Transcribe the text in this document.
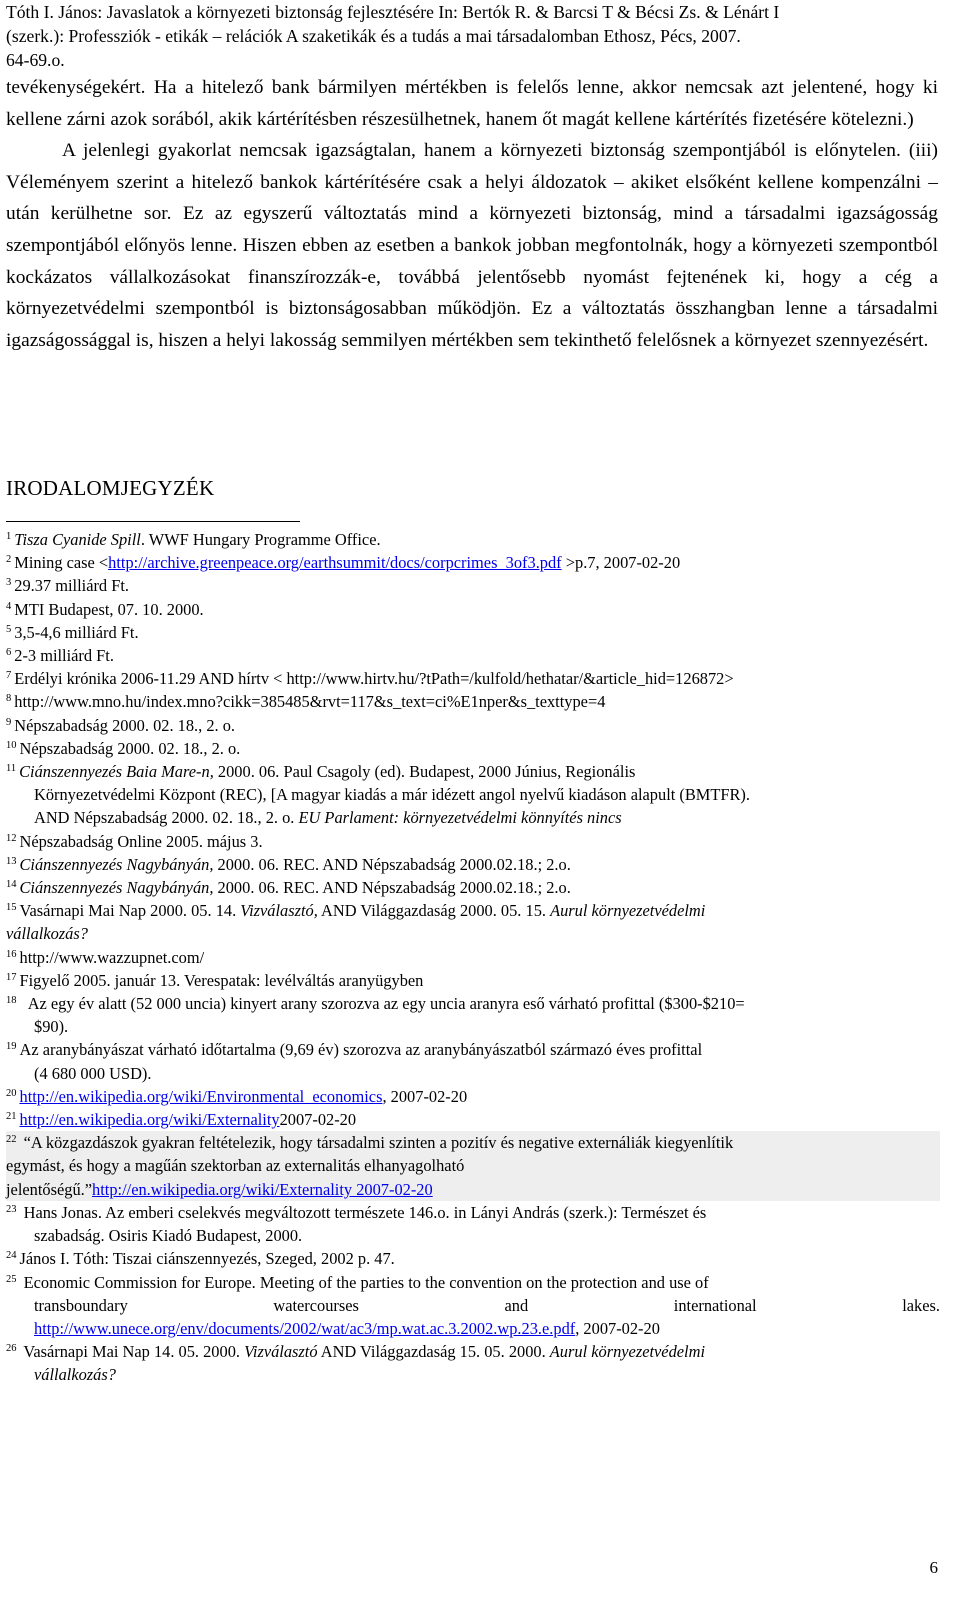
Tóth I. János: Javaslatok a környezeti biztonság fejlesztésére In: Bertók R. & Barcsi T & Bécsi Zs. & Lénárt I
(szerk.): Professziók - etikák – relációk A szaketikák és a tudás a mai társadalomban Ethosz, Pécs, 2007.
64-69.o.

tevékenységekért. Ha a hitelező bank bármilyen mértékben is felelős lenne, akkor nemcsak azt jelentené, hogy ki kellene zárni azok sorából, akik kártérítésben részesülhetnek, hanem őt magát kellene kártérítés fizetésére kötelezni.)

A jelenlegi gyakorlat nemcsak igazságtalan, hanem a környezeti biztonság szempontjából is előnytelen. (iii) Véleményem szerint a hitelező bankok kártérítésére csak a helyi áldozatok – akiket elsőként kellene kompenzálni – után kerülhetne sor. Ez az egyszerű változtatás mind a környezeti biztonság, mind a társadalmi igazságosság szempontjából előnyös lenne. Hiszen ebben az esetben a bankok jobban megfontolnák, hogy a környezeti szempontból kockázatos vállalkozásokat finanszírozzák-e, továbbá jelentősebb nyomást fejtenének ki, hogy a cég a környezetvédelmi szempontból is biztonságosabban működjön. Ez a változtatás összhangban lenne a társadalmi igazságossággal is, hiszen a helyi lakosság semmilyen mértékben sem tekinthető felelősnek a környezet szennyezésért.

IRODALOMJEGYZÉK
$^1$ Tisza Cyanide Spill. WWF Hungary Programme Office.
$^2$ Mining case <http://archive.greenpeace.org/earthsummit/docs/corpcrimes_3of3.pdf >p.7, 2007-02-20
$^3$ 29.37 milliárd Ft.
$^4$ MTI Budapest, 07. 10. 2000.
$^5$ 3,5-4,6 milliárd Ft.
$^6$ 2-3 milliárd Ft.
$^7$ Erdélyi krónika 2006-11.29 AND hírtv < http://www.hirtv.hu/?tPath=/kulfold/hethatar/&article_hid=126872>
$^8$ http://www.mno.hu/index.mno?cikk=385485&rvt=117&s_text=ci%E1nper&s_texttype=4
$^9$ Népszabadság 2000. 02. 18., 2. o.
$^{10}$ Népszabadság 2000. 02. 18., 2. o.
$^{11}$ Ciánszennyezés Baia Mare-n, 2000. 06. Paul Csagoly (ed). Budapest, 2000 Június, Regionális
Környezetvédelmi Központ (REC), [A magyar kiadás a már idézett angol nyelvű kiadáson alapult (BMTFR).
AND Népszabadság 2000. 02. 18., 2. o. EU Parlament: környezetvédelmi könnyítés nincs
$^{12}$ Népszabadság Online 2005. május 3.
$^{13}$ Ciánszennyezés Nagybányán, 2000. 06. REC. AND Népszabadság 2000.02.18.; 2.o.
$^{14}$ Ciánszennyezés Nagybányán, 2000. 06. REC. AND Népszabadság 2000.02.18.; 2.o.
$^{15}$ Vasárnapi Mai Nap 2000. 05. 14. Vizválasztó, AND Világgazdaság 2000. 05. 15. Aurul környezetvédelmi
vállalkozás?
$^{16}$ http://www.wazzupnet.com/
$^{17}$ Figyelő 2005. január 13. Verespatak: levélváltás aranyügyben
$^{18}$ Az egy év alatt (52 000 uncia) kinyert arany szorozva az egy uncia aranyra eső várható profittal ($300-$210=
$90).
$^{19}$ Az aranybányászat várható időtartalma (9,69 év) szorozva az aranybányászatból származó éves profittal
(4 680 000 USD).
$^{20}$ http://en.wikipedia.org/wiki/Environmental_economics, 2007-02-20
$^{21}$ http://en.wikipedia.org/wiki/Externality2007-02-20
$^{22}$ “A közgazdászok gyakran feltételezik, hogy társadalmi szinten a pozitív és negative externáliák kiegyenlítik
egymást, és hogy a magűán szektorban az externalitás elhanyagolható
jelentőségű.”http://en.wikipedia.org/wiki/Externality 2007-02-20
$^{23}$ Hans Jonas. Az emberi cselekvés megváltozott természete 146.o. in Lányi András (szerk.): Természet és
szabadság. Osiris Kiadó Budapest, 2000.
$^{24}$ János I. Tóth: Tiszai ciánszennyezés, Szeged, 2002 p. 47.
$^{25}$ Economic Commission for Europe. Meeting of the parties to the convention on the protection and use of
transboundary watercourses and international lakes.
http://www.unece.org/env/documents/2002/wat/ac3/mp.wat.ac.3.2002.wp.23.e.pdf, 2007-02-20
$^{26}$ Vasárnapi Mai Nap 14. 05. 2000. Vizválasztó AND Világgazdaság 15. 05. 2000. Aurul környezetvédelmi
vállalkozás?
6
